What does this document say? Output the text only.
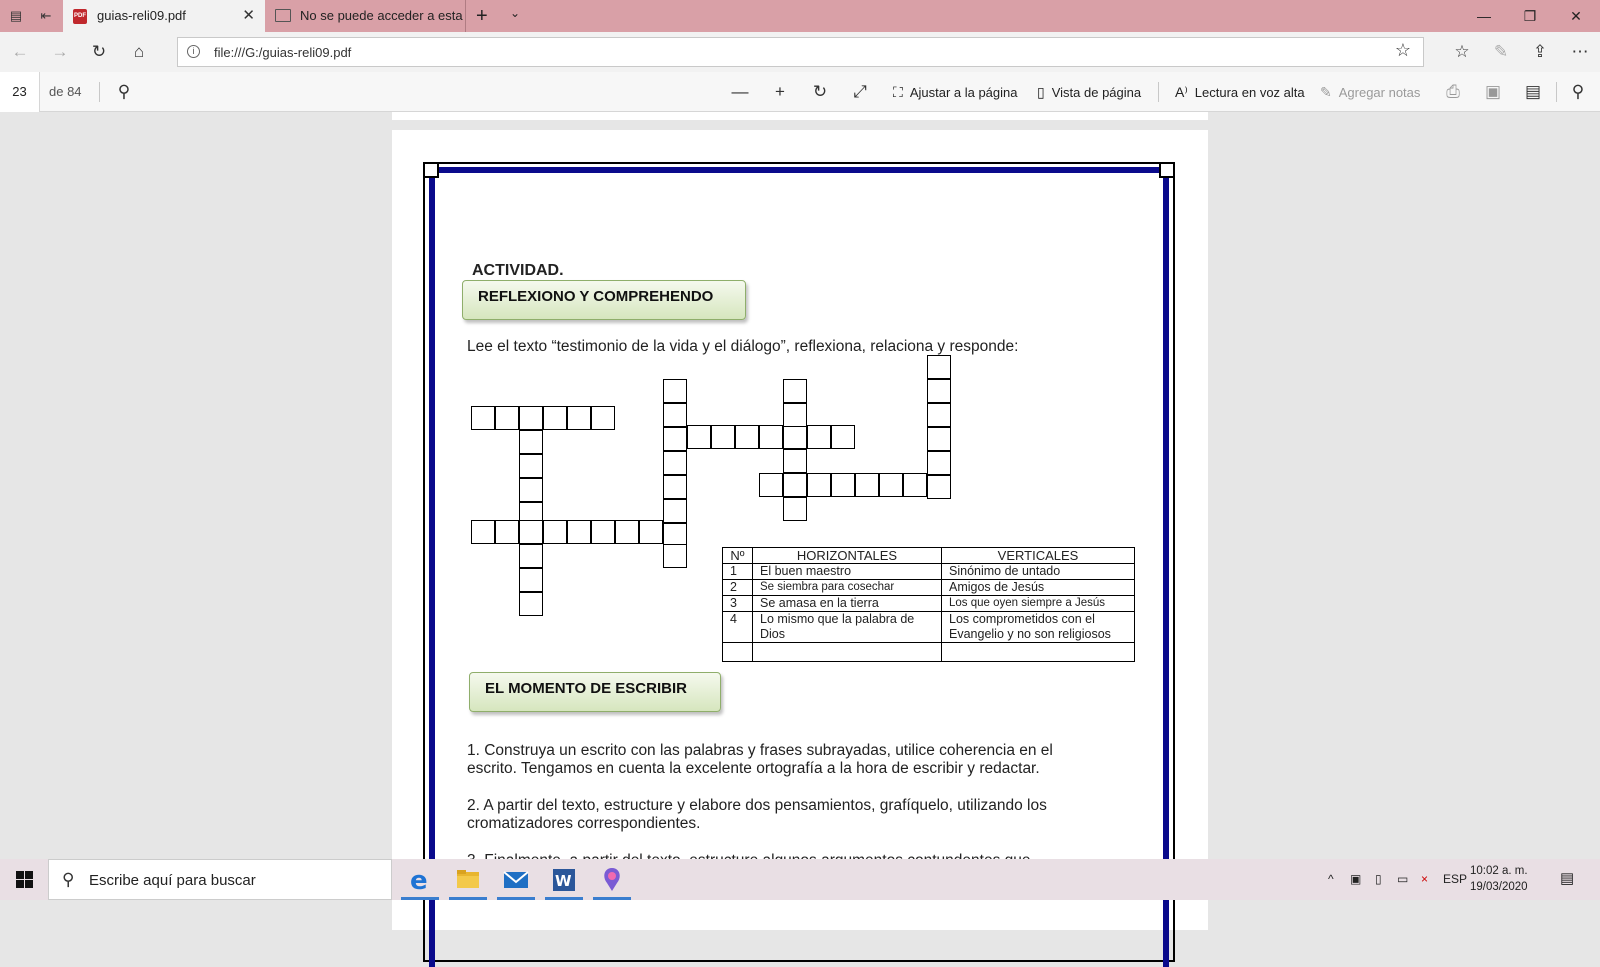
▤ ⇤	PDF guias-reli09.pdf	✕	No se puede acceder a esta + ⌄	—	❐	✕
← → ↻	⌂	i	file:///G:/guias-reli09.pdf	☆	☆ ✎ ⇪ ⋯
23	de 84 ⚲	—	+	↻ ⤢	⛶ Ajustar a la página ▯ Vista de página A⁾ Lectura en voz alta ✎ Agregar notas ⎙ ▣ ▤ ⚲
ACTIVIDAD.
REFLEXIONO Y COMPREHENDO
Lee el texto “testimonio de la vida y el diálogo”, reflexiona, relaciona y responde:
Nº	HORIZONTALES	VERTICALES
1	El buen maestro	Sinónimo de untado
2	Se siembra para cosechar	Amigos de Jesús
3	Se amasa en la tierra	Los que oyen siempre a Jesús
4	Lo mismo que la palabra de Dios	Los comprometidos con el Evangelio y no son religiosos

EL MOMENTO DE ESCRIBIR
1. Construya un escrito con las palabras y frases subrayadas, utilice coherencia en el escrito. Tengamos en cuenta la excelente ortografía a la hora de escribir y redactar.
2. A partir del texto, estructure y elabore dos pensamientos, grafíquelo, utilizando los cromatizadores correspondientes.
⚲ Escribe aquí para buscar	e	W	^ ▣ ▯ ▭ × ESP
10:02 a. m.
19/03/2020 ▤
